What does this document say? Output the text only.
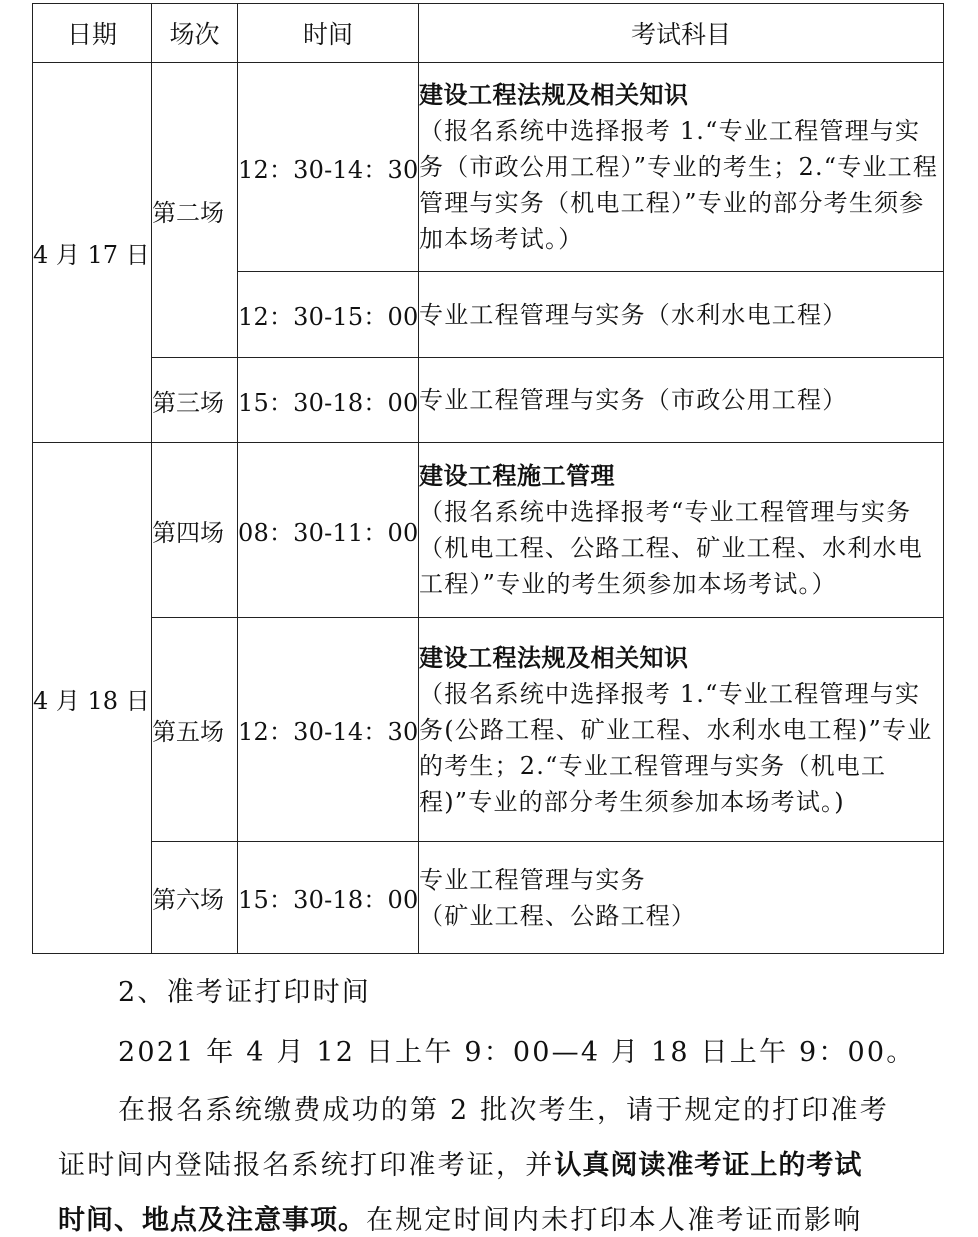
日期	场次	时间	考试科目
4 月 17 日	第二场	12：30-14：30	建设工程法规及相关知识
（报名系统中选择报考 1.“专业工程管理与实务（市政公用工程）”专业的考生；2.“专业工程管理与实务（机电工程）”专业的部分考生须参加本场考试。）

		12：30-15：00	专业工程管理与实务（水利水电工程）
	第三场	15：30-18：00	专业工程管理与实务（市政公用工程）
4 月 18 日	第四场	08：30-11：00	建设工程施工管理
（报名系统中选择报考“专业工程管理与实务（机电工程、公路工程、矿业工程、水利水电工程）”专业的考生须参加本场考试。）

	第五场	12：30-14：30	建设工程法规及相关知识
（报名系统中选择报考 1.“专业工程管理与实务(公路工程、矿业工程、水利水电工程)”专业的考生；2.“专业工程管理与实务（机电工程)”专业的部分考生须参加本场考试。)

	第六场	15：30-18：00	专业工程管理与实务
（矿业工程、公路工程）
2、准考证打印时间
2021 年 4 月 12 日上午 9：00—4 月 18 日上午 9：00。
在报名系统缴费成功的第 2 批次考生，请于规定的打印准考
证时间内登陆报名系统打印准考证，并认真阅读准考证上的考试
时间、地点及注意事项。在规定时间内未打印本人准考证而影响
